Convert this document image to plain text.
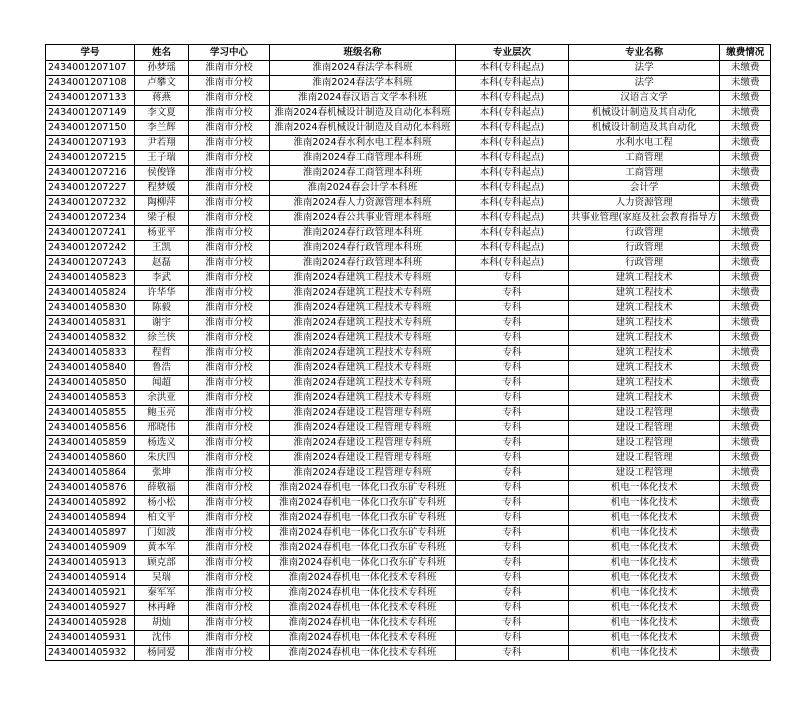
学号	姓名	学习中心	班级名称	专业层次	专业名称	缴费情况
2434001207107	孙梦瑶	淮南市分校	淮南2024春法学本科班	本科(专科起点)	法学	未缴费
2434001207108	卢攀文	淮南市分校	淮南2024春法学本科班	本科(专科起点)	法学	未缴费
2434001207133	蒋燕	淮南市分校	淮南2024春汉语言文学本科班	本科(专科起点)	汉语言文学	未缴费
2434001207149	李文夏	淮南市分校	淮南2024春机械设计制造及自动化本科班	本科(专科起点)	机械设计制造及其自动化	未缴费
2434001207150	李兰辉	淮南市分校	淮南2024春机械设计制造及自动化本科班	本科(专科起点)	机械设计制造及其自动化	未缴费
2434001207193	尹若翔	淮南市分校	淮南2024春水利水电工程本科班	本科(专科起点)	水利水电工程	未缴费
2434001207215	王子瑞	淮南市分校	淮南2024春工商管理本科班	本科(专科起点)	工商管理	未缴费
2434001207216	侯俊锋	淮南市分校	淮南2024春工商管理本科班	本科(专科起点)	工商管理	未缴费
2434001207227	程梦媛	淮南市分校	淮南2024春会计学本科班	本科(专科起点)	会计学	未缴费
2434001207232	陶柳萍	淮南市分校	淮南2024春人力资源管理本科班	本科(专科起点)	人力资源管理	未缴费
2434001207234	梁子根	淮南市分校	淮南2024春公共事业管理本科班	本科(专科起点)	共事业管理(家庭及社会教育指导方	未缴费
2434001207241	杨亚平	淮南市分校	淮南2024春行政管理本科班	本科(专科起点)	行政管理	未缴费
2434001207242	王凯	淮南市分校	淮南2024春行政管理本科班	本科(专科起点)	行政管理	未缴费
2434001207243	赵磊	淮南市分校	淮南2024春行政管理本科班	本科(专科起点)	行政管理	未缴费
2434001405823	李武	淮南市分校	淮南2024春建筑工程技术专科班	专科	建筑工程技术	未缴费
2434001405824	许华华	淮南市分校	淮南2024春建筑工程技术专科班	专科	建筑工程技术	未缴费
2434001405830	陈毅	淮南市分校	淮南2024春建筑工程技术专科班	专科	建筑工程技术	未缴费
2434001405831	谢宇	淮南市分校	淮南2024春建筑工程技术专科班	专科	建筑工程技术	未缴费
2434001405832	徐兰侠	淮南市分校	淮南2024春建筑工程技术专科班	专科	建筑工程技术	未缴费
2434001405833	程哲	淮南市分校	淮南2024春建筑工程技术专科班	专科	建筑工程技术	未缴费
2434001405840	鲁浩	淮南市分校	淮南2024春建筑工程技术专科班	专科	建筑工程技术	未缴费
2434001405850	闻超	淮南市分校	淮南2024春建筑工程技术专科班	专科	建筑工程技术	未缴费
2434001405853	余洪亚	淮南市分校	淮南2024春建筑工程技术专科班	专科	建筑工程技术	未缴费
2434001405855	鲍玉亮	淮南市分校	淮南2024春建设工程管理专科班	专科	建设工程管理	未缴费
2434001405856	邢晓伟	淮南市分校	淮南2024春建设工程管理专科班	专科	建设工程管理	未缴费
2434001405859	杨选义	淮南市分校	淮南2024春建设工程管理专科班	专科	建设工程管理	未缴费
2434001405860	朱庆四	淮南市分校	淮南2024春建设工程管理专科班	专科	建设工程管理	未缴费
2434001405864	张坤	淮南市分校	淮南2024春建设工程管理专科班	专科	建设工程管理	未缴费
2434001405876	薛敬福	淮南市分校	淮南2024春机电一体化口孜东矿专科班	专科	机电一体化技术	未缴费
2434001405892	杨小松	淮南市分校	淮南2024春机电一体化口孜东矿专科班	专科	机电一体化技术	未缴费
2434001405894	柏文平	淮南市分校	淮南2024春机电一体化口孜东矿专科班	专科	机电一体化技术	未缴费
2434001405897	门如波	淮南市分校	淮南2024春机电一体化口孜东矿专科班	专科	机电一体化技术	未缴费
2434001405909	黄本军	淮南市分校	淮南2024春机电一体化口孜东矿专科班	专科	机电一体化技术	未缴费
2434001405913	顾克部	淮南市分校	淮南2024春机电一体化口孜东矿专科班	专科	机电一体化技术	未缴费
2434001405914	吴瑞	淮南市分校	淮南2024春机电一体化技术专科班	专科	机电一体化技术	未缴费
2434001405921	秦军军	淮南市分校	淮南2024春机电一体化技术专科班	专科	机电一体化技术	未缴费
2434001405927	林再峰	淮南市分校	淮南2024春机电一体化技术专科班	专科	机电一体化技术	未缴费
2434001405928	胡灿	淮南市分校	淮南2024春机电一体化技术专科班	专科	机电一体化技术	未缴费
2434001405931	沈伟	淮南市分校	淮南2024春机电一体化技术专科班	专科	机电一体化技术	未缴费
2434001405932	杨同爱	淮南市分校	淮南2024春机电一体化技术专科班	专科	机电一体化技术	未缴费
